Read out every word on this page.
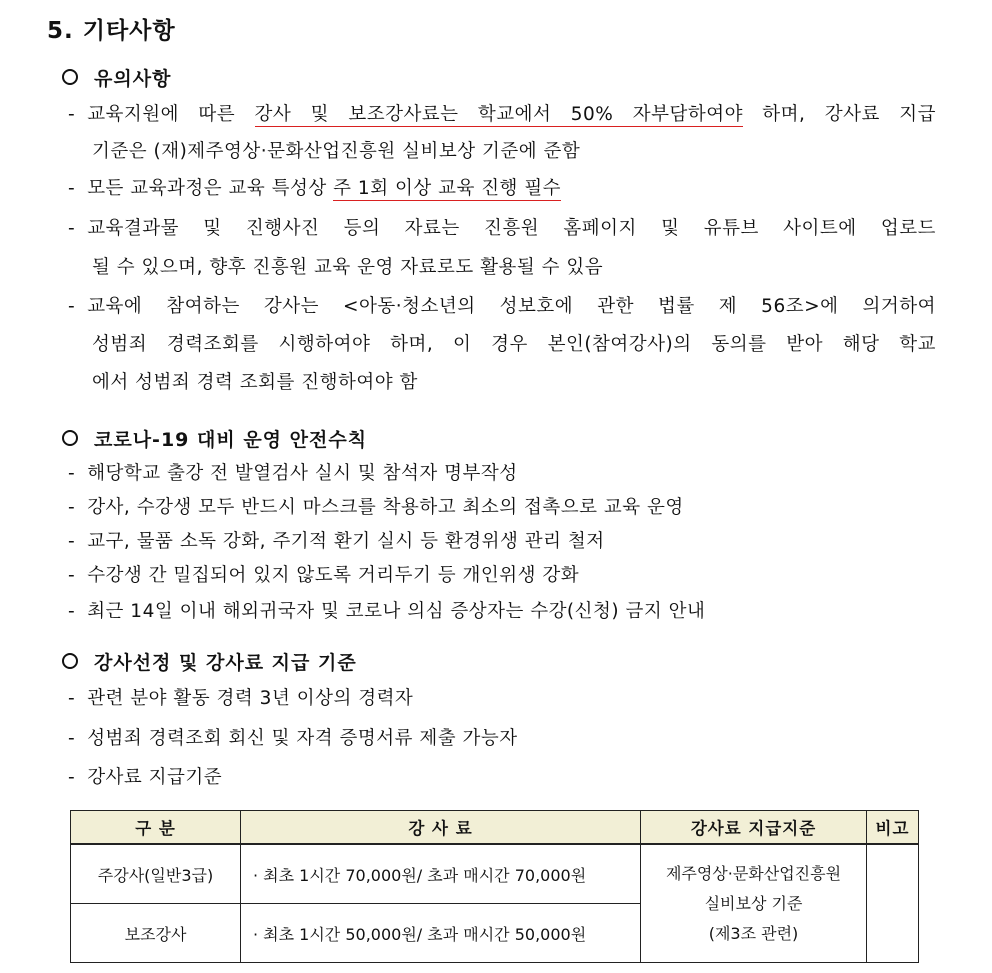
5. 기타사항
유의사항
- 교육지원에 따른 강사 및 보조강사료는 학교에서 50% 자부담하여야 하며, 강사료 지급
기준은 (재)제주영상·문화산업진흥원 실비보상 기준에 준함
- 모든 교육과정은 교육 특성상 주 1회 이상 교육 진행 필수
- 교육결과물 및 진행사진 등의 자료는 진흥원 홈페이지 및 유튜브 사이트에 업로드
될 수 있으며, 향후 진흥원 교육 운영 자료로도 활용될 수 있음
- 교육에 참여하는 강사는 <아동·청소년의 성보호에 관한 법률 제 56조>에 의거하여
성범죄 경력조회를 시행하여야 하며, 이 경우 본인(참여강사)의 동의를 받아 해당 학교
에서 성범죄 경력 조회를 진행하여야 함
코로나-19 대비 운영 안전수칙
- 해당학교 출강 전 발열검사 실시 및 참석자 명부작성
- 강사, 수강생 모두 반드시 마스크를 착용하고 최소의 접촉으로 교육 운영
- 교구, 물품 소독 강화, 주기적 환기 실시 등 환경위생 관리 철저
- 수강생 간 밀집되어 있지 않도록 거리두기 등 개인위생 강화
- 최근 14일 이내 해외귀국자 및 코로나 의심 증상자는 수강(신청) 금지 안내
강사선정 및 강사료 지급 기준
- 관련 분야 활동 경력 3년 이상의 경력자
- 성범죄 경력조회 회신 및 자격 증명서류 제출 가능자
- 강사료 지급기준
구 분	강 사 료	강사료 지급지준	비고
주강사(일반3급)	· 최초 1시간 70,000원/ 초과 매시간 70,000원	제주영상·문화산업진흥원
실비보상 기준
(제3조 관련)	

보조강사	· 최초 1시간 50,000원/ 초과 매시간 50,000원		
